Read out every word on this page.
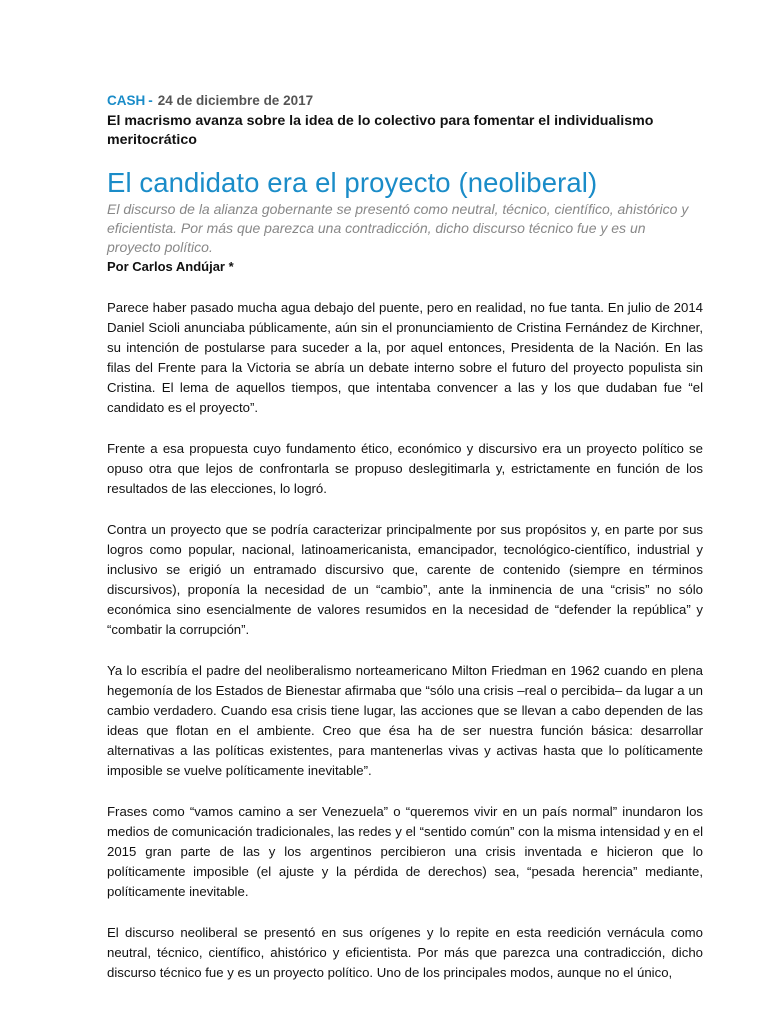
CASH - 24 de diciembre de 2017
El macrismo avanza sobre la idea de lo colectivo para fomentar el individualismo meritocrático
El candidato era el proyecto (neoliberal)
El discurso de la alianza gobernante se presentó como neutral, técnico, científico, ahistórico y eficientista. Por más que parezca una contradicción, dicho discurso técnico fue y es un proyecto político.
Por Carlos Andújar *

Parece haber pasado mucha agua debajo del puente, pero en realidad, no fue tanta. En julio de 2014 Daniel Scioli anunciaba públicamente, aún sin el pronunciamiento de Cristina Fernández de Kirchner, su intención de postularse para suceder a la, por aquel entonces, Presidenta de la Nación. En las filas del Frente para la Victoria se abría un debate interno sobre el futuro del proyecto populista sin Cristina. El lema de aquellos tiempos, que intentaba convencer a las y los que dudaban fue “el candidato es el proyecto”.

Frente a esa propuesta cuyo fundamento ético, económico y discursivo era un proyecto político se opuso otra que lejos de confrontarla se propuso deslegitimarla y, estrictamente en función de los resultados de las elecciones, lo logró.

Contra un proyecto que se podría caracterizar principalmente por sus propósitos y, en parte por sus logros como popular, nacional, latinoamericanista, emancipador, tecnológico-científico, industrial y inclusivo se erigió un entramado discursivo que, carente de contenido (siempre en términos discursivos), proponía la necesidad de un “cambio”, ante la inminencia de una “crisis” no sólo económica sino esencialmente de valores resumidos en la necesidad de “defender la república” y “combatir la corrupción”.

Ya lo escribía el padre del neoliberalismo norteamericano Milton Friedman en 1962 cuando en plena hegemonía de los Estados de Bienestar afirmaba que “sólo una crisis –real o percibida– da lugar a un cambio verdadero. Cuando esa crisis tiene lugar, las acciones que se llevan a cabo dependen de las ideas que flotan en el ambiente. Creo que ésa ha de ser nuestra función básica: desarrollar alternativas a las políticas existentes, para mantenerlas vivas y activas hasta que lo políticamente imposible se vuelve políticamente inevitable”.

Frases como “vamos camino a ser Venezuela” o “queremos vivir en un país normal” inundaron los medios de comunicación tradicionales, las redes y el “sentido común” con la misma intensidad y en el 2015 gran parte de las y los argentinos percibieron una crisis inventada e hicieron que lo políticamente imposible (el ajuste y la pérdida de derechos) sea, “pesada herencia” mediante, políticamente inevitable.

El discurso neoliberal se presentó en sus orígenes y lo repite en esta reedición vernácula como neutral, técnico, científico, ahistórico y eficientista. Por más que parezca una contradicción, dicho discurso técnico fue y es un proyecto político. Uno de los principales modos, aunque no el único,
